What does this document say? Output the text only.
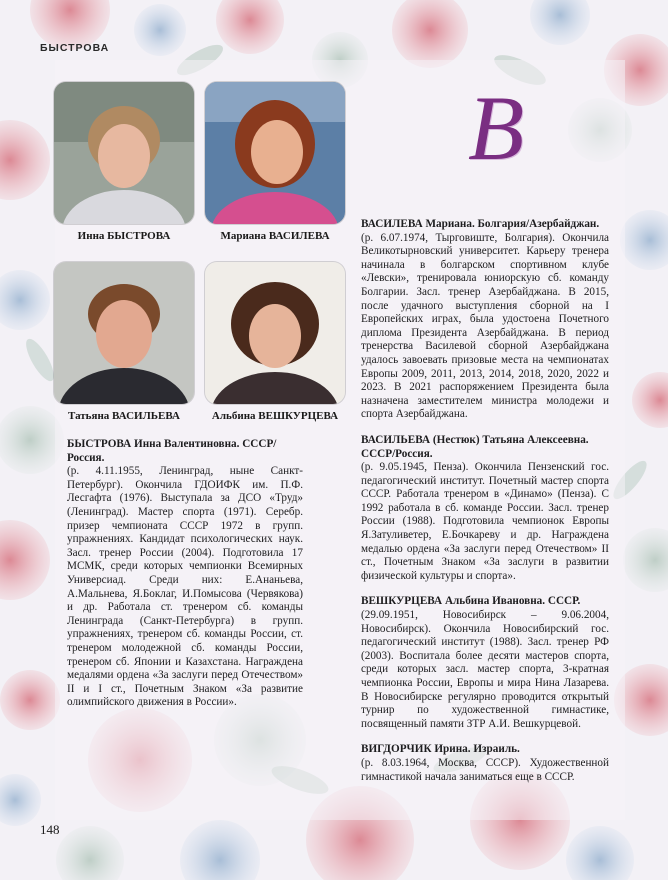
БЫСТРОВА
В
Инна БЫСТРОВА	Мариана ВАСИЛЕВА
Татьяна ВАСИЛЬЕВА	Альбина ВЕШКУРЦЕВА
БЫСТРОВА Инна Валентиновна. СССР/Россия.
(р. 4.11.1955, Ленинград, ныне Санкт-Петербург). Окончила ГДОИФК им. П.Ф. Лесгафта (1976). Выступала за ДСО «Труд» (Ленинград). Мастер спорта (1971). Серебр. призер чемпионата СССР 1972 в групп. упражнениях. Кандидат психологических наук. Засл. тренер России (2004). Подготовила 17 МСМК, среди которых чемпионки Всемирных Универсиад. Среди них: Е.Ананьева, А.Мальнева, Я.Боклаг, И.Помысова (Червякова) и др. Работала ст. тренером сб. команды Ленинграда (Санкт-Петербурга) в групп. упражнениях, тренером сб. команды России, ст. тренером молодежной сб. команды России, тренером сб. Японии и Казахстана. Награждена медалями ордена «За заслуги перед Отечеством» II и I ст., Почетным Знаком «За развитие олимпийского движения в России».
ВАСИЛЕВА Мариана. Болгария/Азербайджан.
(р. 6.07.1974, Тырговиште, Болгария). Окончила Великотырновский университет. Карьеру тренера начинала в болгарском спортивном клубе «Левски», тренировала юниорскую сб. команду Болгарии. Засл. тренер Азербайджана. В 2015, после удачного выступления сборной на I Европейских играх, была удостоена Почетного диплома Президента Азербайджана. В период тренерства Василевой сборной Азербайджана удалось завоевать призовые места на чемпионатах Европы 2009, 2011, 2013, 2014, 2018, 2020, 2022 и 2023. В 2021 распоряжением Президента была назначена заместителем министра молодежи и спорта Азербайджана.
ВАСИЛЬЕВА (Нестюк) Татьяна Алексеевна. СССР/Россия.
(р. 9.05.1945, Пенза). Окончила Пензенский гос. педагогический институт. Почетный мастер спорта СССР. Работала тренером в «Динамо» (Пенза). С 1992 работала в сб. команде России. Засл. тренер России (1988). Подготовила чемпионок Европы Я.Затуливетер, Е.Бочкареву и др. Награждена медалью ордена «За заслуги перед Отечеством» II ст., Почетным Знаком «За заслуги в развитии физической культуры и спорта».
ВЕШКУРЦЕВА Альбина Ивановна. СССР.
(29.09.1951, Новосибирск – 9.06.2004, Новосибирск). Окончила Новосибирский гос. педагогический институт (1988). Засл. тренер РФ (2003). Воспитала более десяти мастеров спорта, среди которых засл. мастер спорта, 3-кратная чемпионка России, Европы и мира Нина Лазарева. В Новосибирске регулярно проводится открытый турнир по художественной гимнастике, посвященный памяти ЗТР А.И. Вешкурцевой.
ВИГДОРЧИК Ирина. Израиль.
(р. 8.03.1964, Москва, СССР). Художественной гимнастикой начала заниматься еще в СССР.
148
